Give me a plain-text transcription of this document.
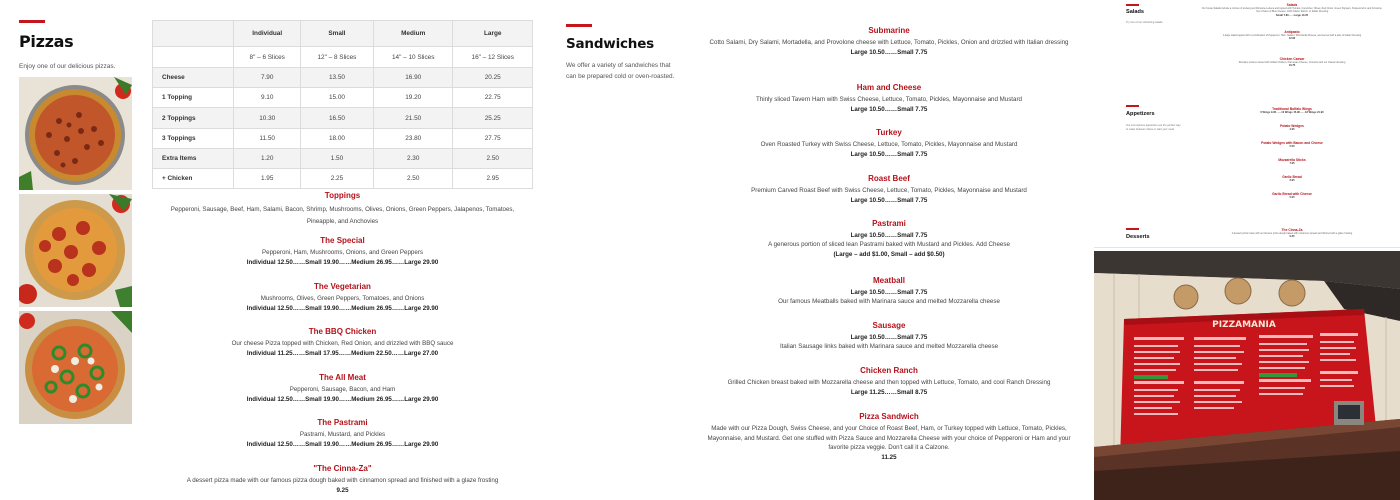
Pizzas

Enjoy one of our delicious pizzas.

	Individual	Small	Medium	Large
	8" – 6 Slices	12" – 8 Slices	14" – 10 Slices	16" – 12 Slices
Cheese	7.90	13.50	16.90	20.25
1 Topping	9.10	15.00	19.20	22.75
2 Toppings	10.30	16.50	21.50	25.25
3 Toppings	11.50	18.00	23.80	27.75
Extra Items	1.20	1.50	2.30	2.50
+ Chicken	1.95	2.25	2.50	2.95
Toppings
Pepperoni, Sausage, Beef, Ham, Salami, Bacon, Shrimp, Mushrooms, Olives, Onions, Green Peppers, Jalapenos, Tomatoes,
Pineapple, and Anchovies
The Special
Pepperoni, Ham, Mushrooms, Onions, and Green Peppers
Individual 12.50……Small 19.90……Medium 26.95……Large 29.90
The Vegetarian
Mushrooms, Olives, Green Peppers, Tomatoes, and Onions
Individual 12.50……Small 19.90……Medium 26.95……Large 29.90
The BBQ Chicken
Our cheese Pizza topped with Chicken, Red Onion, and drizzled with BBQ sauce
Individual 11.25……Small 17.95……Medium 22.50……Large 27.00
The All Meat
Pepperoni, Sausage, Bacon, and Ham
Individual 12.50……Small 19.90……Medium 26.95……Large 29.90
The Pastrami
Pastrami, Mustard, and Pickles
Individual 12.50……Small 19.90……Medium 26.95……Large 29.90
"The Cinna-Za"
A dessert pizza made with our famous pizza dough baked with cinnamon spread and finished with a glaze frosting
9.25
Sandwiches

We offer a variety of sandwiches that can be prepared cold or oven-roasted.

Submarine
Cotto Salami, Dry Salami, Mortadella, and Provolone cheese with Lettuce, Tomato, Pickles, Onion and drizzled with Italian dressing
Large 10.50……Small 7.75
Ham and Cheese
Thinly sliced Tavern Ham with Swiss Cheese, Lettuce, Tomato, Pickles, Mayonnaise and Mustard
Large 10.50……Small 7.75
Turkey
Oven Roasted Turkey with Swiss Cheese, Lettuce, Tomato, Pickles, Mayonnaise and Mustard
Large 10.50……Small 7.75
Roast Beef
Premium Carved Roast Beef with Swiss Cheese, Lettuce, Tomato, Pickles, Mayonnaise and Mustard
Large 10.50……Small 7.75
Pastrami
Large 10.50……Small 7.75
A generous portion of sliced lean Pastrami baked with Mustard and Pickles. Add Cheese
(Large – add $1.00, Small – add $0.50)
Meatball
Large 10.50……Small 7.75
Our famous Meatballs baked with Marinara sauce and melted Mozzarella cheese
Sausage
Large 10.50……Small 7.75
Italian Sausage links baked with Marinara sauce and melted Mozzarella cheese
Chicken Ranch
Grilled Chicken breast baked with Mozzarella cheese and then topped with Lettuce, Tomato, and cool Ranch Dressing
Large 11.25……Small 8.75
Pizza Sandwich
Made with our Pizza Dough, Swiss Cheese, and your Choice of Roast Beef, Ham, or Turkey topped with Lettuce, Tomato, Pickles, Mayonnaise, and Mustard. Get one stuffed with Pizza Sauce and Mozzarella Cheese with your choice of Pepperoni or Ham and your favorite pizza veggie. Don't call it a Calzone.
11.25
Salads
Try one of our refreshing salads.
Salads
Our house Salads include a mixture of iceberg and Romaine Lettuce and topped with Tomato, Cucumber, Olives, Red Onion, Green Peppers, Pepperoncini, and Croutons. Your Choice of Blue Cheese, 1000 Island, Ranch, or Italian Dressing
Small 7.80……Large 10.25
Antipasto
A large salad topped with a combination of Pepperoni, Ham, Salami, Mozzarella Cheese, and served with a side of Italian Dressing
12.90
Chicken Caesar
Romaine Lettuce tossed with Grilled Chicken, Parmesan Cheese, Croutons and our Caesar dressing
10.75
Appetizers
Our scrumptious appetizers are the perfect way to make between slices or start your meal.
Traditional Buffalo Wings
6 Wings 9.95……12 Wings 15.90……18 Wings 21.90
Potato Wedges
4.95
Potato Wedges with Bacon and Cheese
5.50
Mozzarella Sticks
7.95
Garlic Bread
3.95
Garlic Bread with Cheese
5.25
Desserts
The Cinna-Za
A dessert pizza made with our famous pizza dough baked with cinnamon spread and finished with a glaze frosting
9.25
PIZZAMANIA
